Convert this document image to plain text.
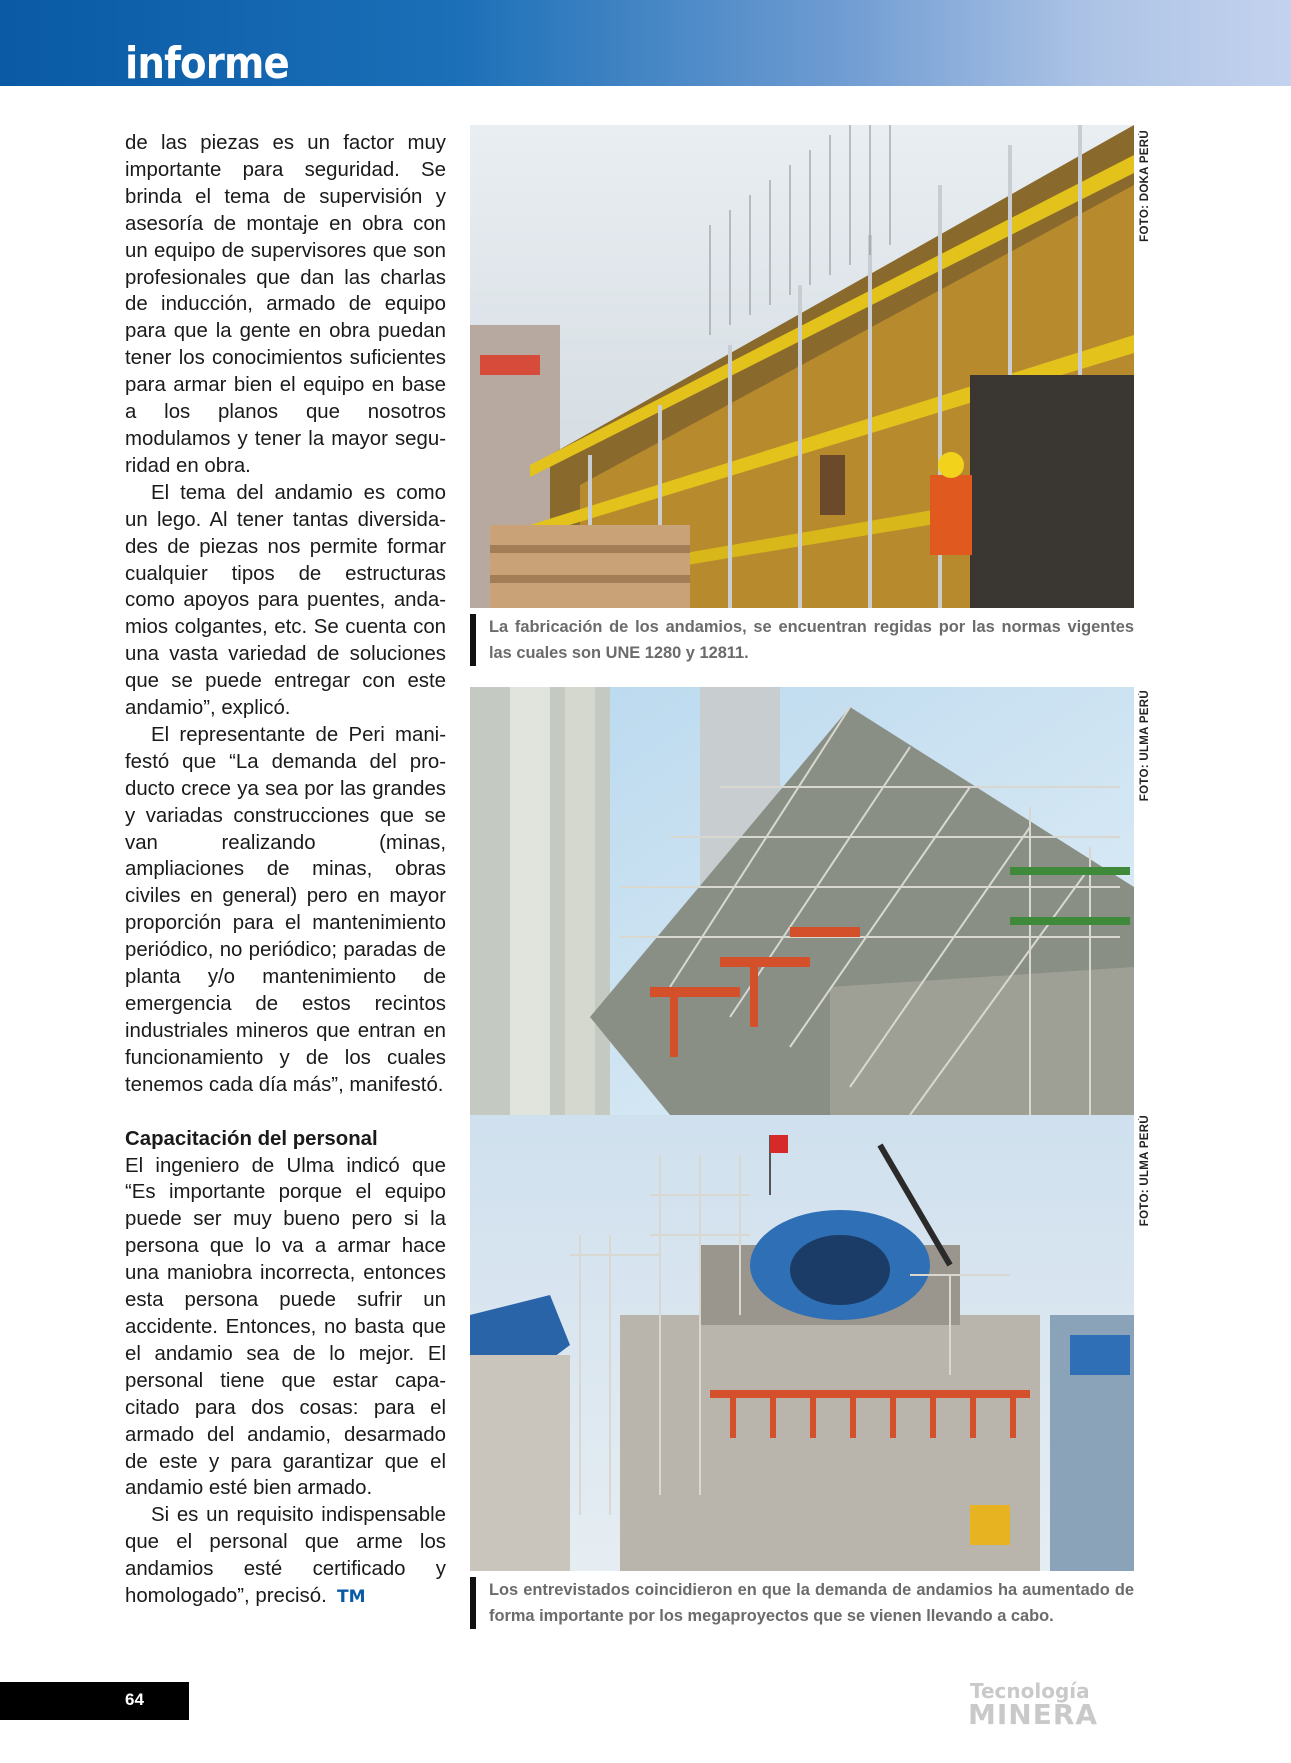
informe

de las piezas es un factor muy importante para seguridad. Se brinda el tema de supervisión y asesoría de montaje en obra con un equipo de supervisores que son profesionales que dan las charlas de inducción, armado de equipo para que la gente en obra puedan tener los conocimientos suficientes para armar bien el equipo en base a los planos que nosotros modulamos y tener la mayor seguridad en obra.

El tema del andamio es como un lego. Al tener tantas diversidades de piezas nos permite formar cualquier tipos de estructuras como apoyos para puentes, andamios colgantes, etc. Se cuenta con una vasta variedad de soluciones que se puede entregar con este andamio”, explicó.

El representante de Peri manifestó que “La demanda del producto crece ya sea por las grandes y variadas construcciones que se van realizando (minas, ampliaciones de minas, obras civiles en general) pero en mayor proporción para el mantenimiento periódico, no periódico; paradas de planta y/o mantenimiento de emergencia de estos recintos industriales mineros que entran en funcionamiento y de los cuales tenemos cada día más”, manifestó.

Capacitación del personal

El ingeniero de Ulma indicó que “Es importante porque el equipo puede ser muy bueno pero si la persona que lo va a armar hace una maniobra incorrecta, entonces esta persona puede sufrir un accidente. Entonces, no basta que el andamio sea de lo mejor. El personal tiene que estar capacitado para dos cosas: para el armado del andamio, desarmado de este y para garantizar que el andamio esté bien armado.

Si es un requisito indispensable que el personal que arme los andamios esté certificado y homologado”, precisó. TM

FOTO: DOKA PERÚ
La fabricación de los andamios, se encuentran regidas por las normas vigentes las cuales son UNE 1280 y 12811.
FOTO: ULMA PERÚ
FOTO: ULMA PERÚ
Los entrevistados coincidieron en que la demanda de andamios ha aumentado de forma importante por los megaproyectos que se vienen llevando a cabo.
64	Tecnología
MINERA
